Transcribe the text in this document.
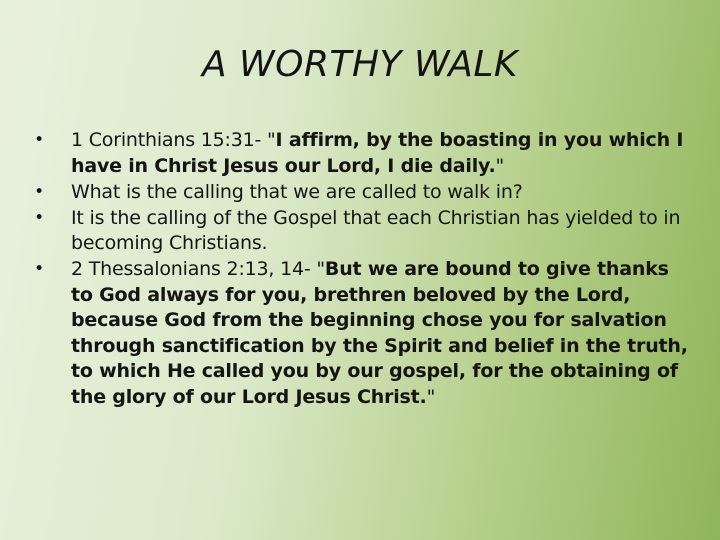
A WORTHY WALK
• 1 Corinthians 15:31- "I affirm, by the boasting in you which I have in Christ Jesus our Lord, I die daily."
• What is the calling that we are called to walk in?
• It is the calling of the Gospel that each Christian has yielded to in becoming Christians.
• 2 Thessalonians 2:13, 14- "But we are bound to give thanks to God always for you, brethren beloved by the Lord, because God from the beginning chose you for salvation through sanctification by the Spirit and belief in the truth, to which He called you by our gospel, for the obtaining of the glory of our Lord Jesus Christ."
